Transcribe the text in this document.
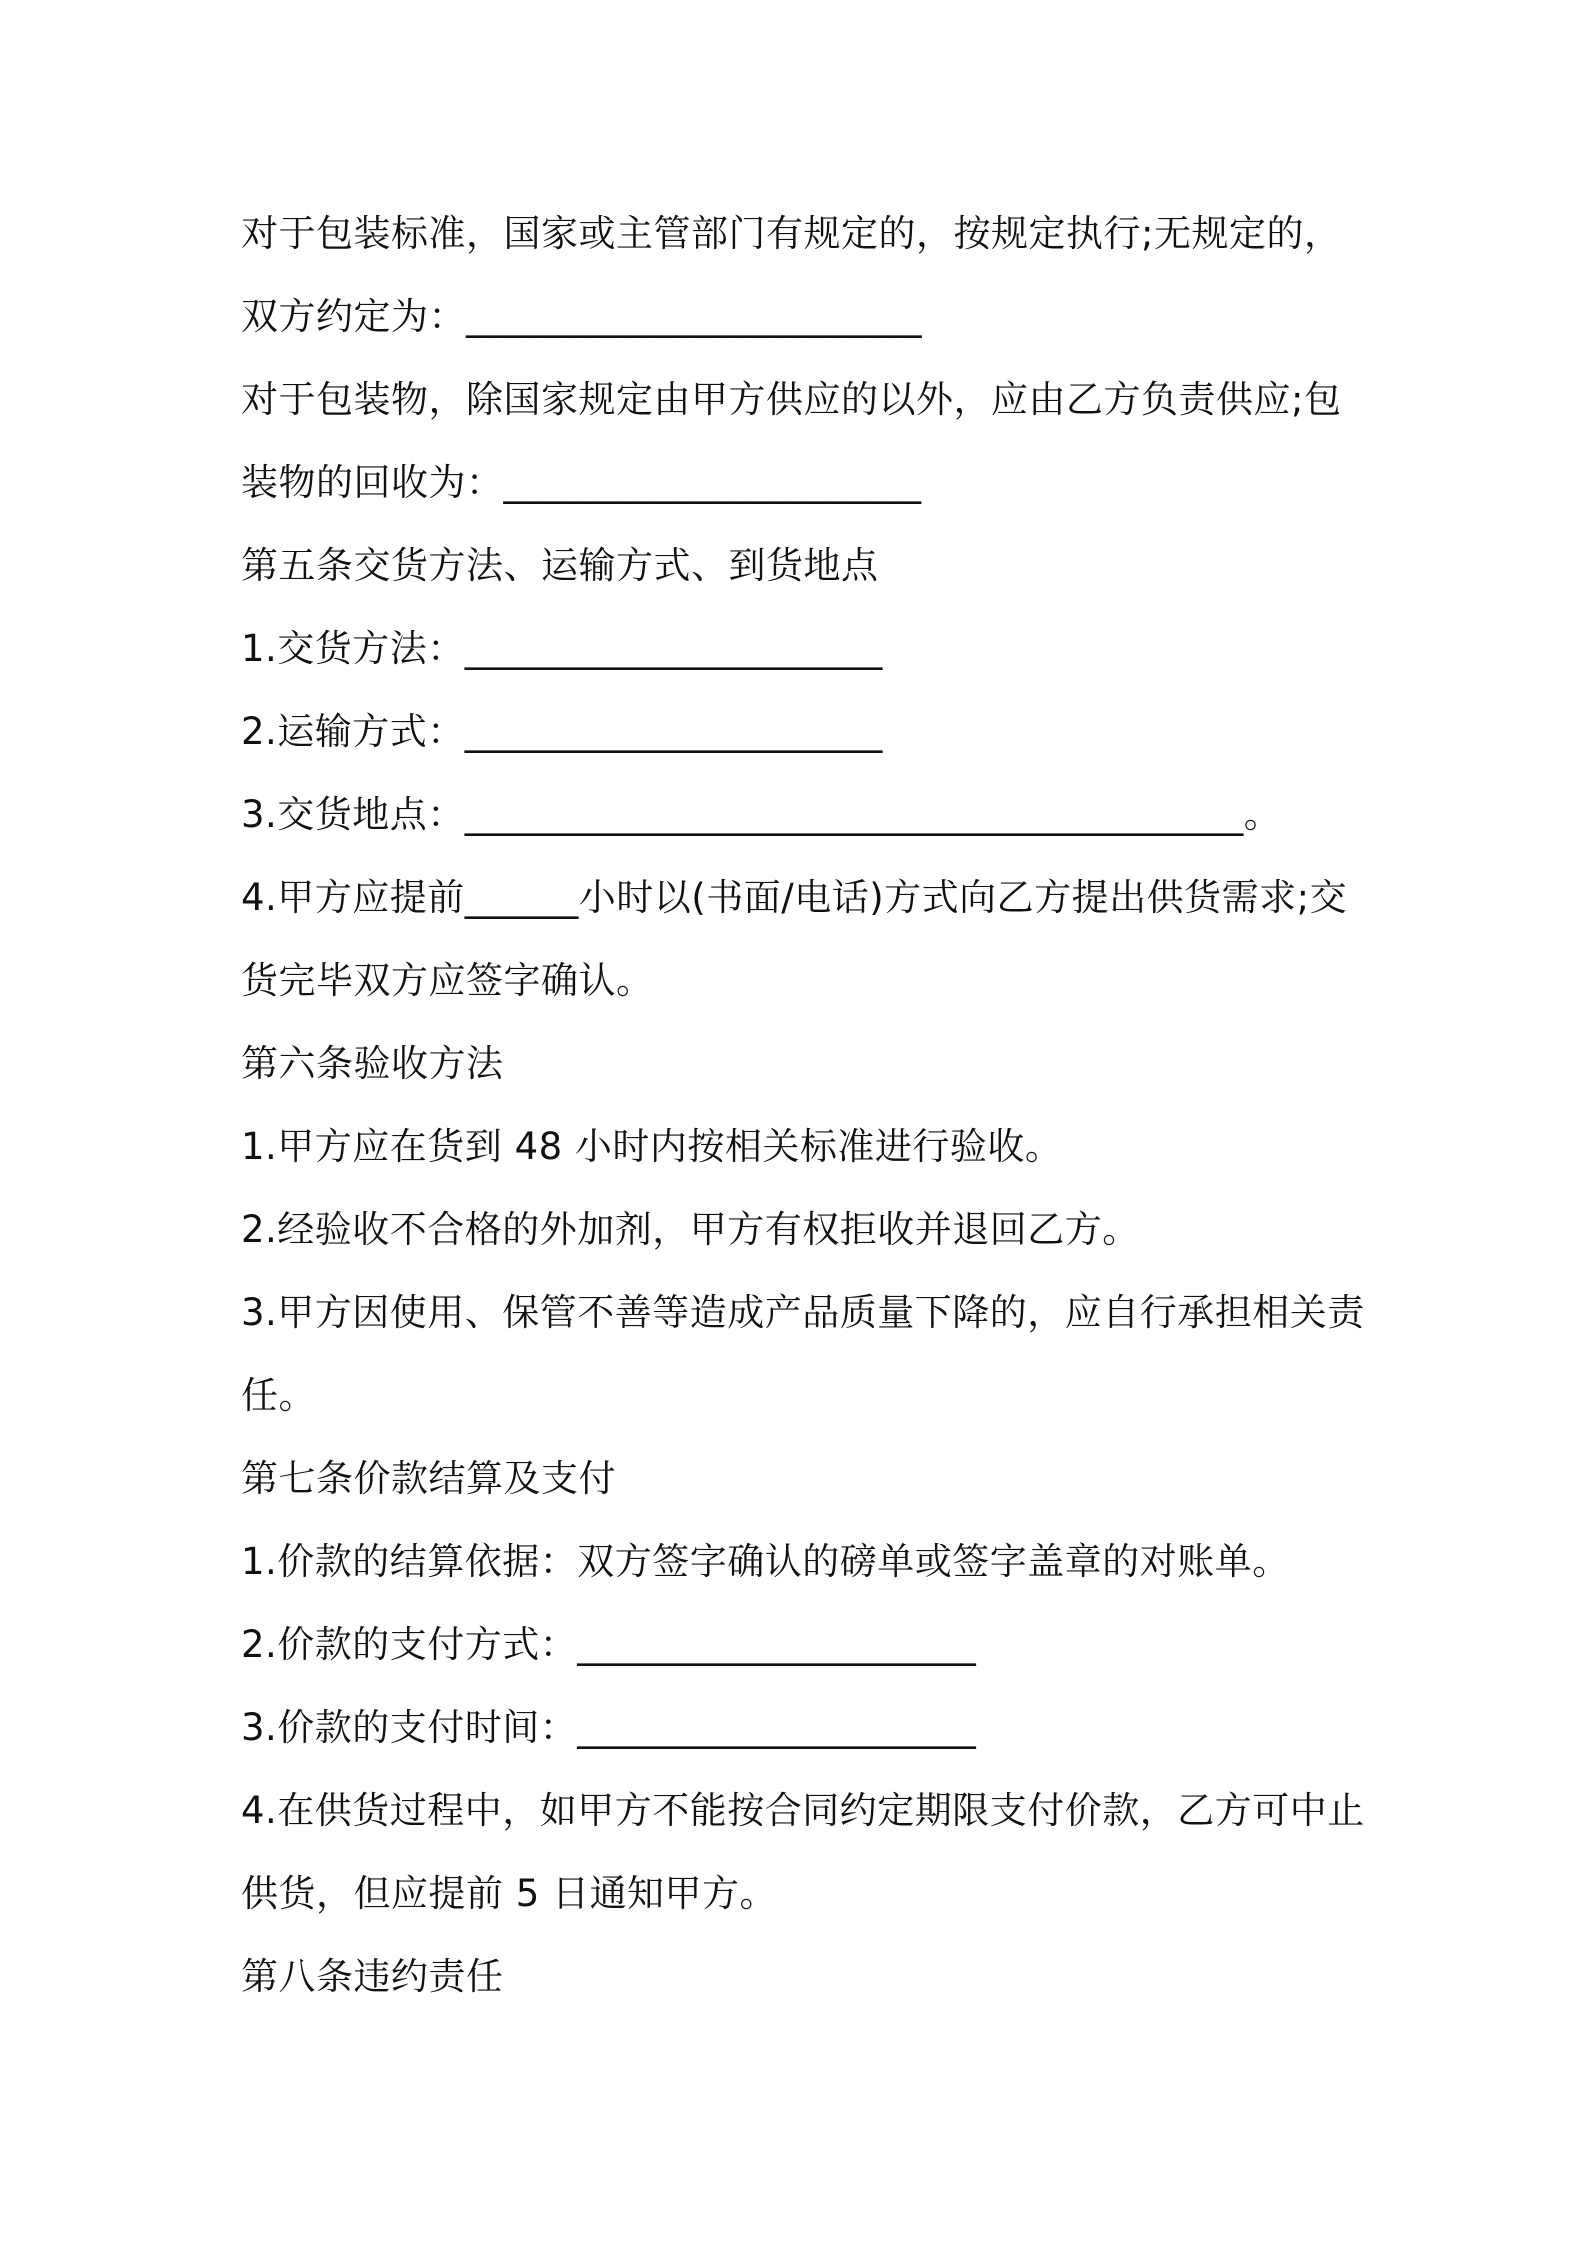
对于包装标准，国家或主管部门有规定的，按规定执行;无规定的，

双方约定为：________________________

对于包装物，除国家规定由甲方供应的以外，应由乙方负责供应;包

装物的回收为：______________________

第五条交货方法、运输方式、到货地点

1.交货方法：______________________

2.运输方式：______________________

3.交货地点：_________________________________________。

4.甲方应提前______小时以(书面/电话)方式向乙方提出供货需求;交

货完毕双方应签字确认。

第六条验收方法

1.甲方应在货到 48 小时内按相关标准进行验收。

2.经验收不合格的外加剂，甲方有权拒收并退回乙方。

3.甲方因使用、保管不善等造成产品质量下降的，应自行承担相关责

任。

第七条价款结算及支付

1.价款的结算依据：双方签字确认的磅单或签字盖章的对账单。

2.价款的支付方式：_____________________

3.价款的支付时间：_____________________

4.在供货过程中，如甲方不能按合同约定期限支付价款，乙方可中止

供货，但应提前 5 日通知甲方。

第八条违约责任
